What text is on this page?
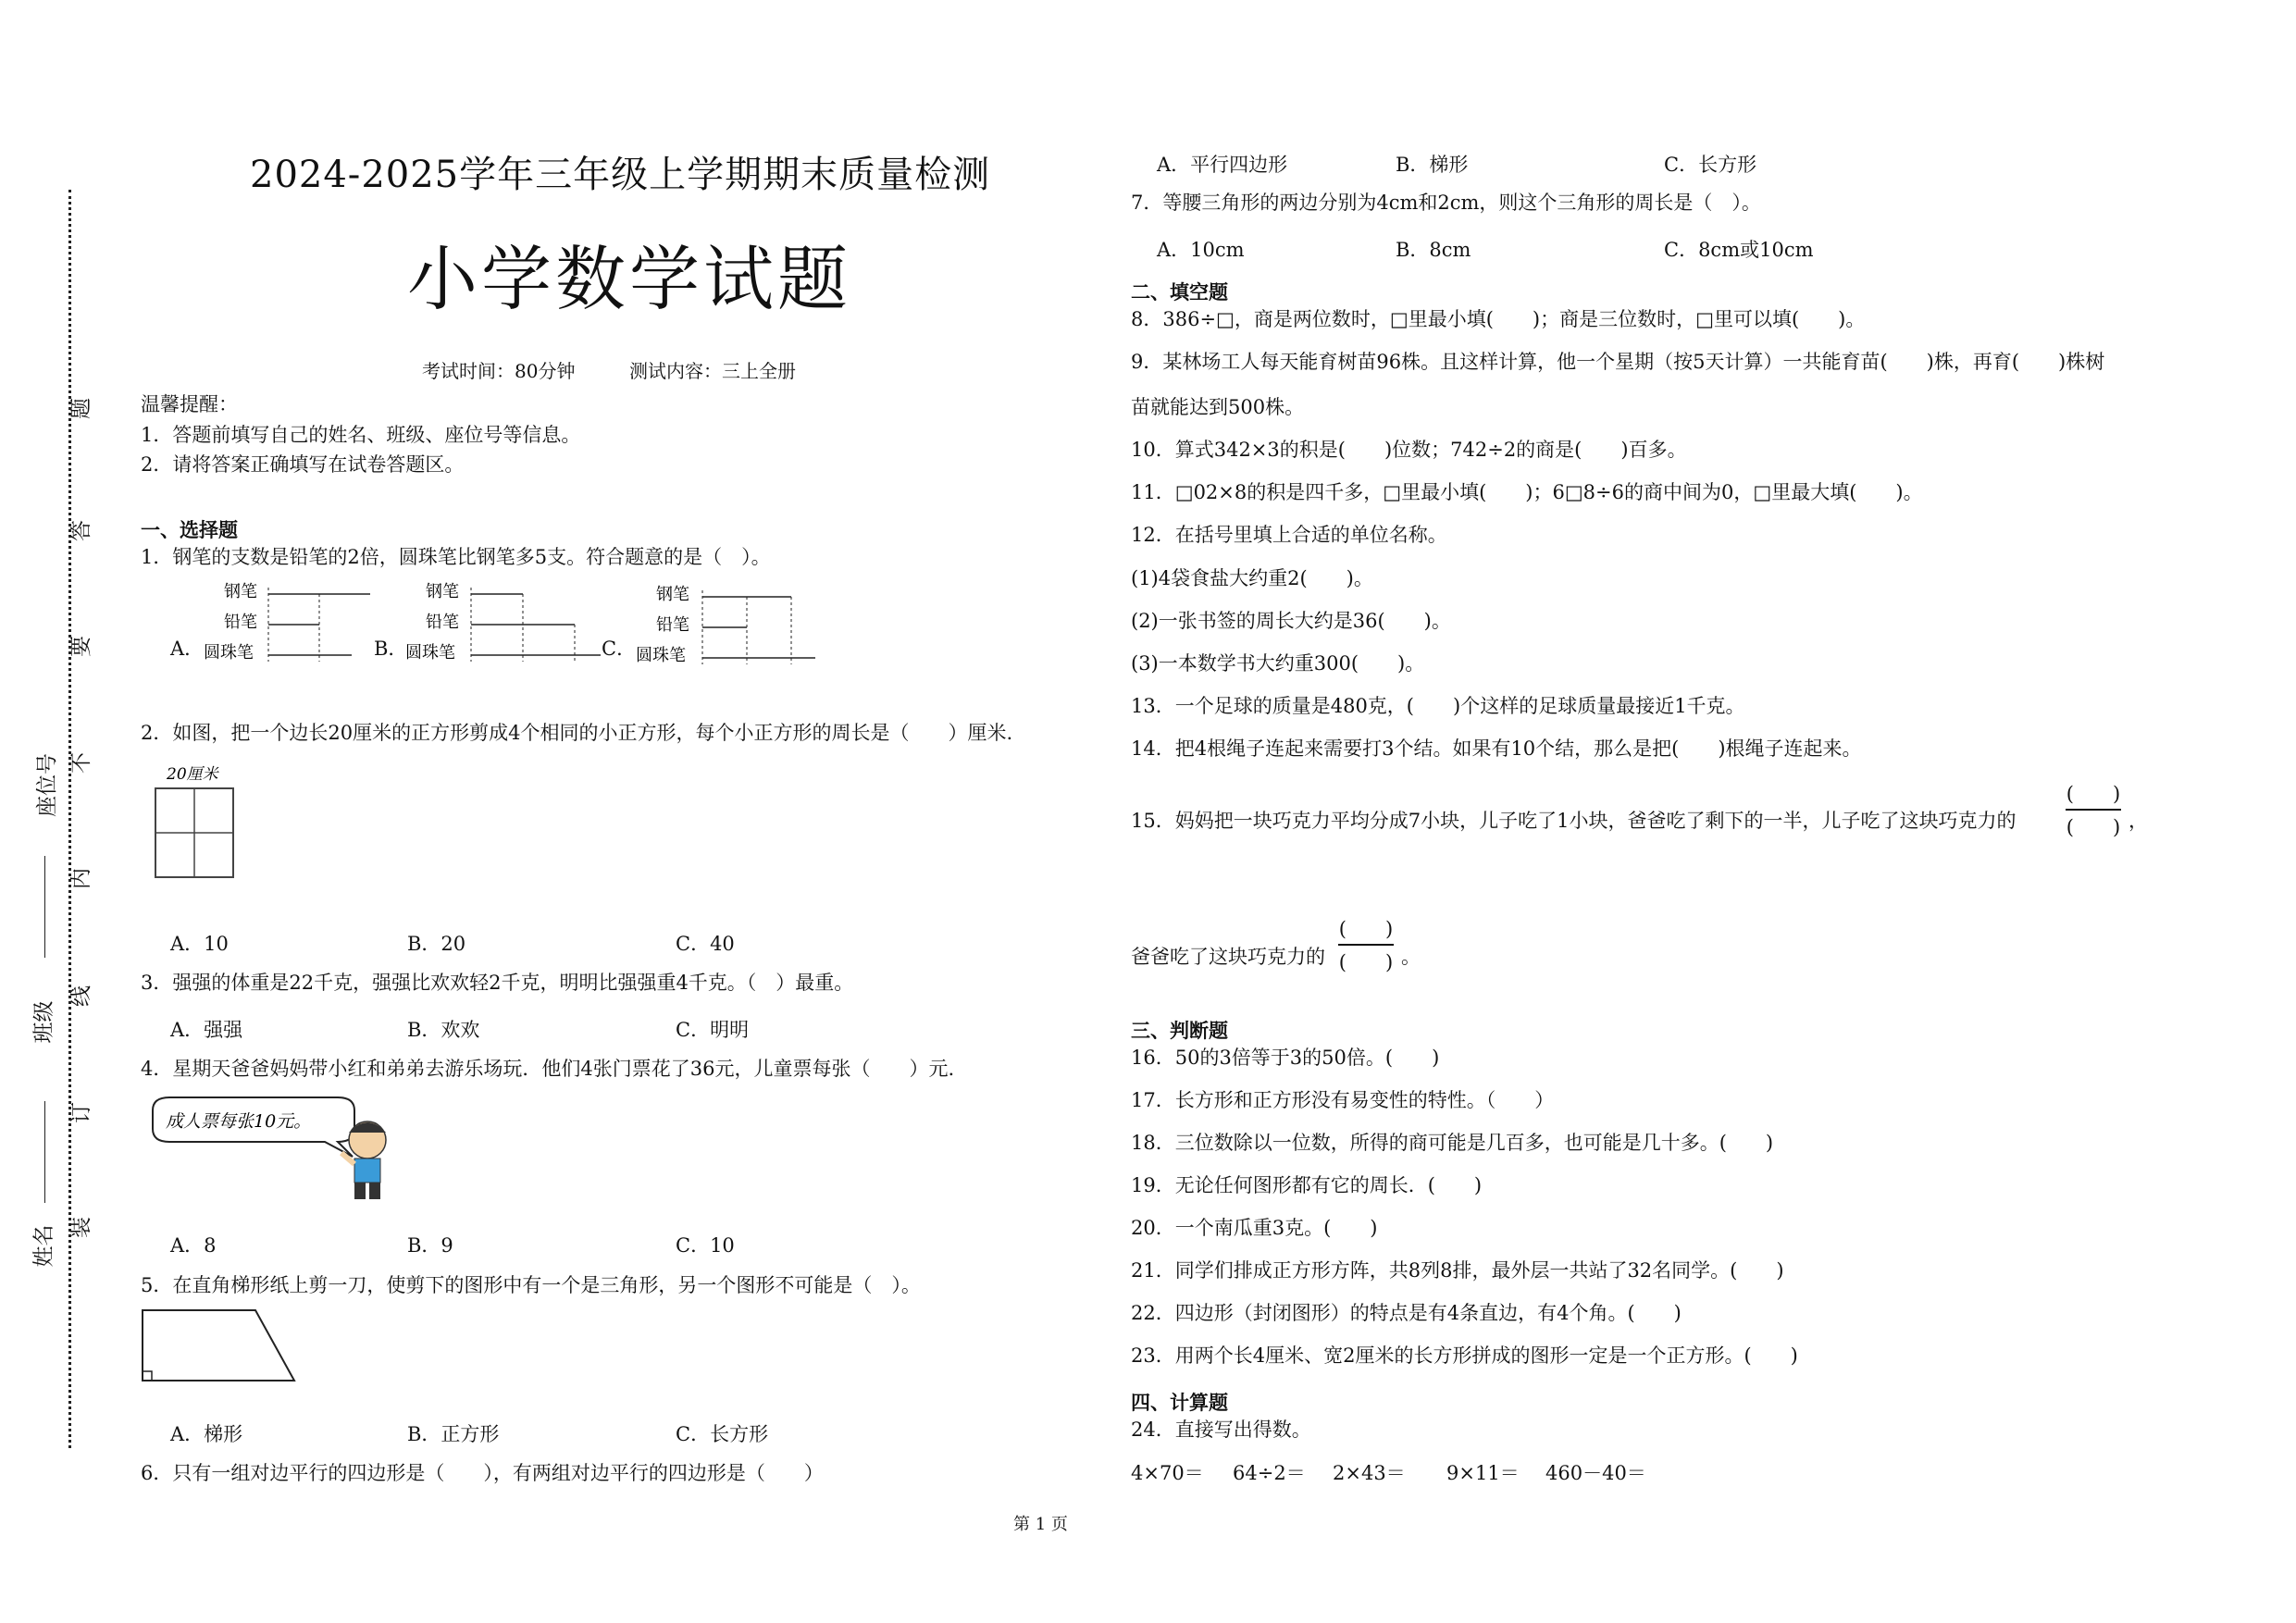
题
答
要
不
内
线
订
装
座位号
班级
姓名
2024-2025学年三年级上学期期末质量检测
小学数学试题
考试时间：80分钟	测试内容：三上全册
温馨提醒：
1．答题前填写自己的姓名、班级、座位号等信息。
2．请将答案正确填写在试卷答题区。
一、选择题
1．钢笔的支数是铅笔的2倍，圆珠笔比钢笔多5支。符合题意的是（　）。
A．	B．	C．
钢笔
铅笔
圆珠笔
钢笔
铅笔
圆珠笔
钢笔
铅笔
圆珠笔
2．如图，把一个边长20厘米的正方形剪成4个相同的小正方形，每个小正方形的周长是（　　）厘米.
20厘米
A．10	B．20	C．40
3．强强的体重是22千克，强强比欢欢轻2千克，明明比强强重4千克。（　）最重。
A．强强	B．欢欢	C．明明
4．星期天爸爸妈妈带小红和弟弟去游乐场玩．他们4张门票花了36元，儿童票每张（　　）元.
成人票每张10元。
A．8	B．9	C．10
5．在直角梯形纸上剪一刀，使剪下的图形中有一个是三角形，另一个图形不可能是（　）。
A．梯形	B．正方形	C．长方形
6．只有一组对边平行的四边形是（　　），有两组对边平行的四边形是（　　）
A．平行四边形	B．梯形	C．长方形
7．等腰三角形的两边分别为4cm和2cm，则这个三角形的周长是（　）。
A．10cm	B．8cm	C．8cm或10cm
二、填空题
8．386÷□，商是两位数时，□里最小填(　　)；商是三位数时，□里可以填(　　)。
9．某林场工人每天能育树苗96株。且这样计算，他一个星期（按5天计算）一共能育苗(　　)株，再育(　　)株树
苗就能达到500株。
10．算式342×3的积是(　　)位数；742÷2的商是(　　)百多。
11．□02×8的积是四千多，□里最小填(　　)；6□8÷6的商中间为0，□里最大填(　　)。
12．在括号里填上合适的单位名称。
(1)4袋食盐大约重2(　　)。
(2)一张书签的周长大约是36(　　)。
(3)一本数学书大约重300(　　)。
13．一个足球的质量是480克，(　　)个这样的足球质量最接近1千克。
14．把4根绳子连起来需要打3个结。如果有10个结，那么是把(　　)根绳子连起来。
15．妈妈把一块巧克力平均分成7小块，儿子吃了1小块，爸爸吃了剩下的一半，儿子吃了这块巧克力的
(　　)
(　　) ，
爸爸吃了这块巧克力的
(　　)
(　　) 。
三、判断题
16．50的3倍等于3的50倍。(　　)
17．长方形和正方形没有易变性的特性。（　　）
18．三位数除以一位数，所得的商可能是几百多，也可能是几十多。(　　)
19．无论任何图形都有它的周长．(　　)
20．一个南瓜重3克。(　　)
21．同学们排成正方形方阵，共8列8排，最外层一共站了32名同学。(　　)
22．四边形（封闭图形）的特点是有4条直边，有4个角。(　　)
23．用两个长4厘米、宽2厘米的长方形拼成的图形一定是一个正方形。(　　)
四、计算题
24．直接写出得数。
4×70＝ 64÷2＝ 2×43＝ 9×11＝ 460－40＝
第 1 页
